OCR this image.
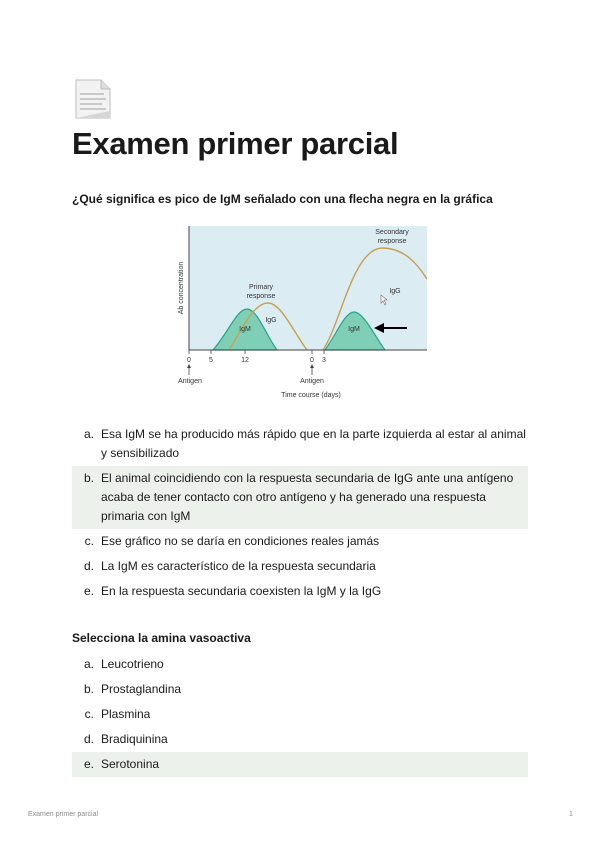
Examen primer parcial
¿Qué significa es pico de IgM señalado con una flecha negra en la gráfica
Ab concentration	Primary
response
Secondary
response
IgM
IgG
IgM
IgG
0	5	12	0 3
Antigen	Antigen
Time course (days)
a. Esa IgM se ha producido más rápido que en la parte izquierda al estar al animal y sensibilizado
b. El animal coincidiendo con la respuesta secundaria de IgG ante una antígeno acaba de tener contacto con otro antígeno y ha generado una respuesta primaria con IgM
c. Ese gráfico no se daría en condiciones reales jamás
d. La IgM es característico de la respuesta secundaria
e. En la respuesta secundaria coexisten la IgM y la IgG
Selecciona la amina vasoactiva
a. Leucotrieno
b. Prostaglandina
c. Plasmina
d. Bradiquinina
e. Serotonina
Examen primer parcial	1
